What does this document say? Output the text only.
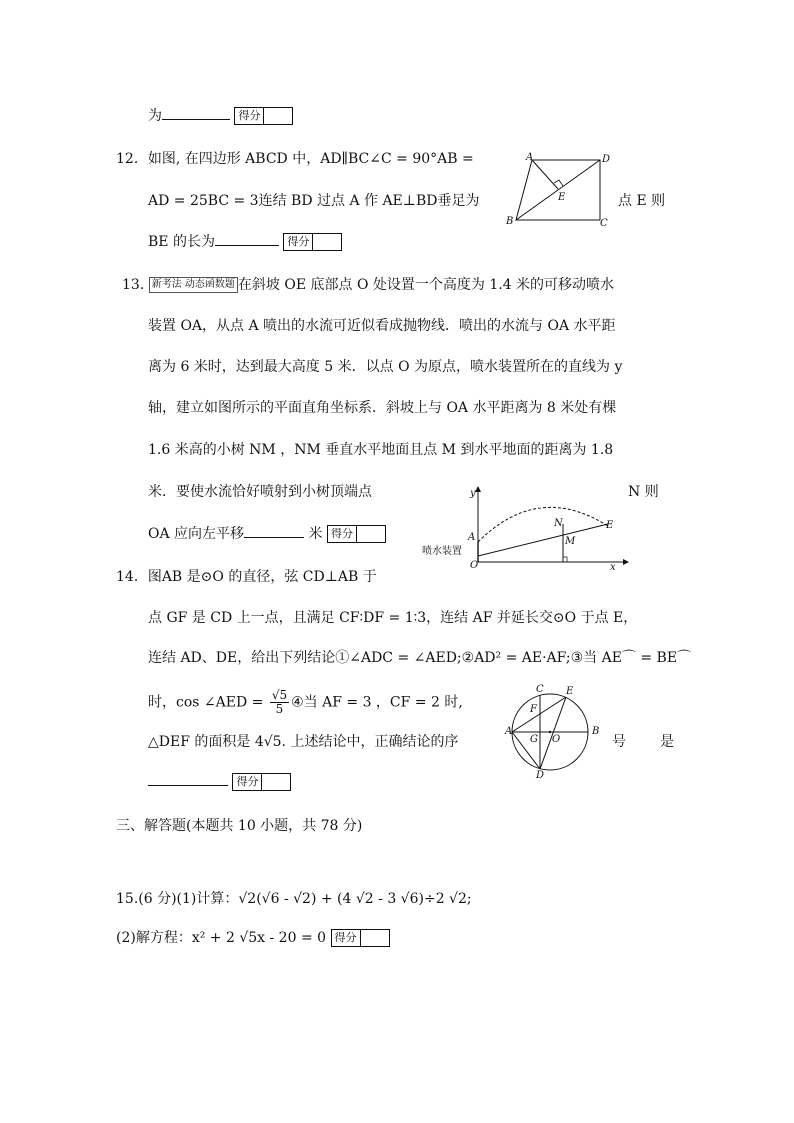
为	得分
12．如图, 在四边形 ABCD 中，AD∥BC∠C = 90°AB =
AD = 25BC = 3连结 BD 过点 A 作 AE⊥BD垂足为	点 E 则
BE 的长为	得分
A	D
E
B	C
13. 新考法 动态函数题 在斜坡 OE 底部点 O 处设置一个高度为 1.4 米的可移动喷水
装置 OA，从点 A 喷出的水流可近似看成抛物线．喷出的水流与 OA 水平距
离为 6 米时，达到最大高度 5 米．以点 O 为原点，喷水装置所在的直线为 y
轴，建立如图所示的平面直角坐标系．斜坡上与 OA 水平距离为 8 米处有棵
1.6 米高的小树 NM ，NM 垂直水平地面且点 M 到水平地面的距离为 1.8
米．要使水流恰好喷射到小树顶端点	N 则
OA 应向左平移	米 得分
y
N	E
A	M
喷水装置
O	x
14．图AB 是⊙O 的直径，弦 CD⊥AB 于
点 GF 是 CD 上一点，且满足 CF∶DF = 1∶3，连结 AF 并延长交⊙O 于点 E，
连结 AD、DE，给出下列结论①∠ADC = ∠AED;②AD² = AE·AF;③当 AE⌒ = BE⌒
时，cos ∠AED = $\frac{√5}{5}$ ④当 AF = 3 ，CF = 2 时,
△DEF 的面积是 4√5. 上述结论中，正确结论的序	号 是

得分
C E
F
A
G O
B
D
三、解答题(本题共 10 小题，共 78 分)
15.(6 分)(1)计算：√2(√6 - √2) + (4 √2 - 3 √6)÷2 √2;
(2)解方程：x² + 2 √5x - 20 = 0 得分
